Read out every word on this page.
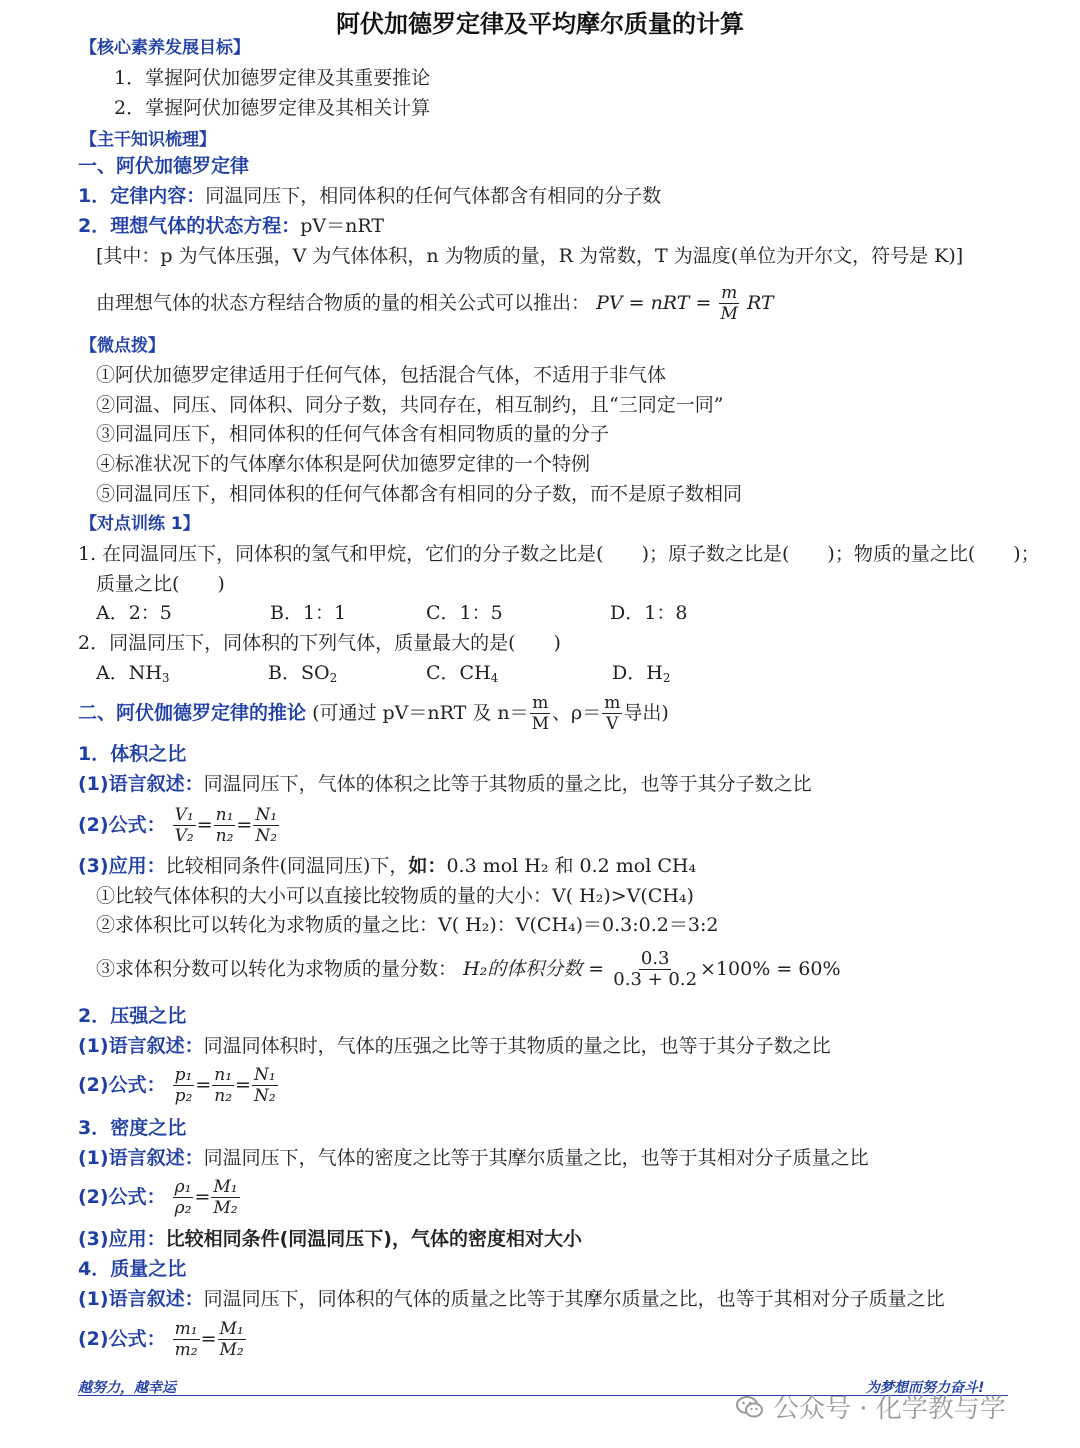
阿伏加德罗定律及平均摩尔质量的计算
【核心素养发展目标】
1．掌握阿伏加德罗定律及其重要推论
2．掌握阿伏加德罗定律及其相关计算
【主干知识梳理】
一、阿伏加德罗定律
1．定律内容：同温同压下，相同体积的任何气体都含有相同的分子数
2．理想气体的状态方程：pV＝nRT
[其中：p 为气体压强，V 为气体体积，n 为物质的量，R 为常数，T 为温度(单位为开尔文，符号是 K)]
由理想气体的状态方程结合物质的量的相关公式可以推出： PV = nRT = $\frac{m}{M}$ RT
【微点拨】
①阿伏加德罗定律适用于任何气体，包括混合气体，不适用于非气体
②同温、同压、同体积、同分子数，共同存在，相互制约，且“三同定一同”
③同温同压下，相同体积的任何气体含有相同物质的量的分子
④标准状况下的气体摩尔体积是阿伏加德罗定律的一个特例
⑤同温同压下，相同体积的任何气体都含有相同的分子数，而不是原子数相同
【对点训练 1】
1. 在同温同压下，同体积的氢气和甲烷，它们的分子数之比是(　　)；原子数之比是(　　)；物质的量之比(　　)；
质量之比(　　)
A．2：5	B．1：1	C．1：5	D．1：8
2．同温同压下，同体积的下列气体，质量最大的是(　　)
A．$NH_3$	B．$SO_2$	C．$CH_4$	D．$H_2$
二、阿伏伽德罗定律的推论 (可通过 pV＝nRT 及 $n= \frac{m}{M}$ 、$\rho= \frac{m}{V}$ 导出)
1．体积之比
(1)语言叙述：同温同压下，气体的体积之比等于其物质的量之比，也等于其分子数之比
(2)公式： $\frac{\text{V₁}}{\text{V₂}} = \frac{\text{n₁}}{\text{n₂}} = \frac{\text{N₁}}{\text{N₂}}$
(3)应用：比较相同条件(同温同压)下，如：0.3 mol H₂ 和 0.2 mol CH₄
①比较气体体积的大小可以直接比较物质的量的大小：V( H₂)>V(CH₄)
②求体积比可以转化为求物质的量之比：V( H₂)：V(CH₄)＝0.3:0.2＝3:2
③求体积分数可以转化为求物质的量分数： H₂的体积分数 = $\frac{0.3}{0.3 + 0.2} \times 100\% = 60\%$
2．压强之比
(1)语言叙述：同温同体积时，气体的压强之比等于其物质的量之比，也等于其分子数之比
(2)公式： $\frac{\text{p₁}}{\text{p₂}} = \frac{\text{n₁}}{\text{n₂}} = \frac{\text{N₁}}{\text{N₂}}$
3．密度之比
(1)语言叙述：同温同压下，气体的密度之比等于其摩尔质量之比，也等于其相对分子质量之比
(2)公式： $\frac{\text{ρ₁}}{\text{ρ₂}} = \frac{\text{M₁}}{\text{M₂}}$
(3)应用：比较相同条件(同温同压下)，气体的密度相对大小
4．质量之比
(1)语言叙述：同温同压下，同体积的气体的质量之比等于其摩尔质量之比，也等于其相对分子质量之比
(2)公式： $\frac{\text{m₁}}{\text{m₂}} = \frac{\text{M₁}}{\text{M₂}}$
越努力，越幸运	为梦想而努力奋斗!
公众号 · 化学教与学
